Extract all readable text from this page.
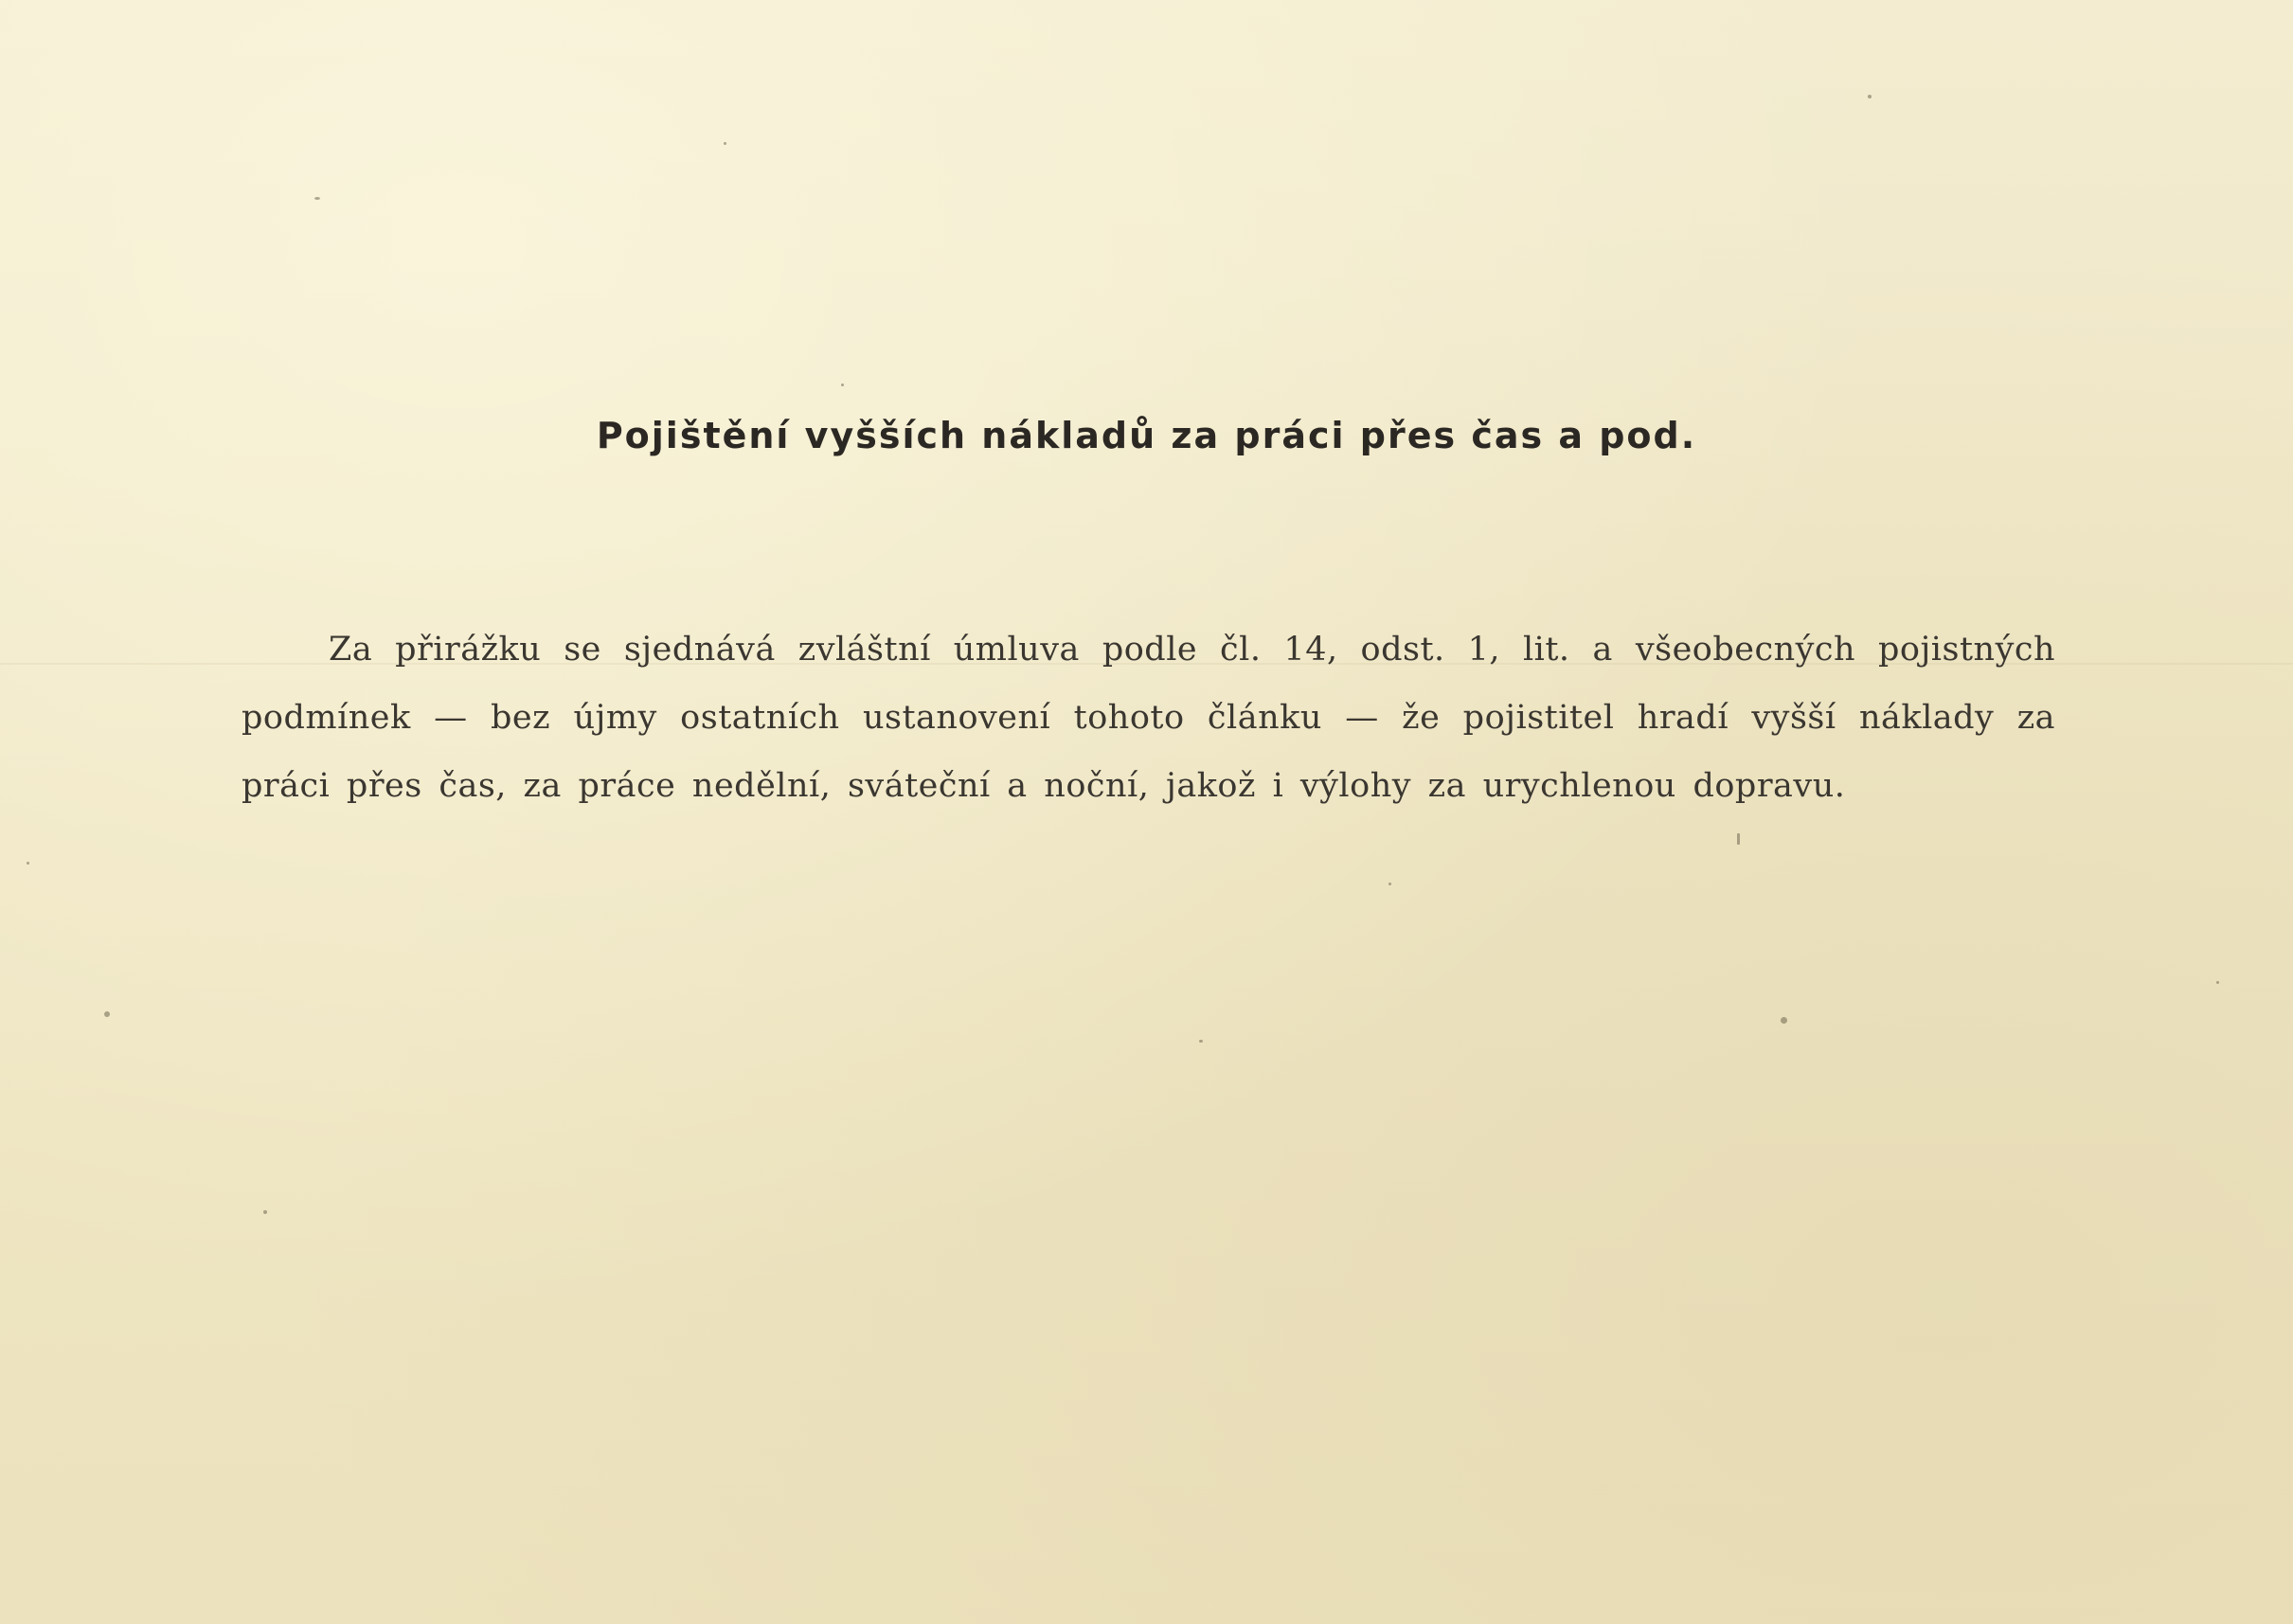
Pojištění vyšších nákladů za práci přes čas a pod.

Za přirážku se sjednává zvláštní úmluva podle čl. 14, odst. 1, lit. a všeobecných pojistných podmínek — bez újmy ostatních ustanovení tohoto článku — že pojistitel hradí vyšší náklady za práci přes čas, za práce nedělní, sváteční a noční, jakož i výlohy za urychlenou dopravu.
